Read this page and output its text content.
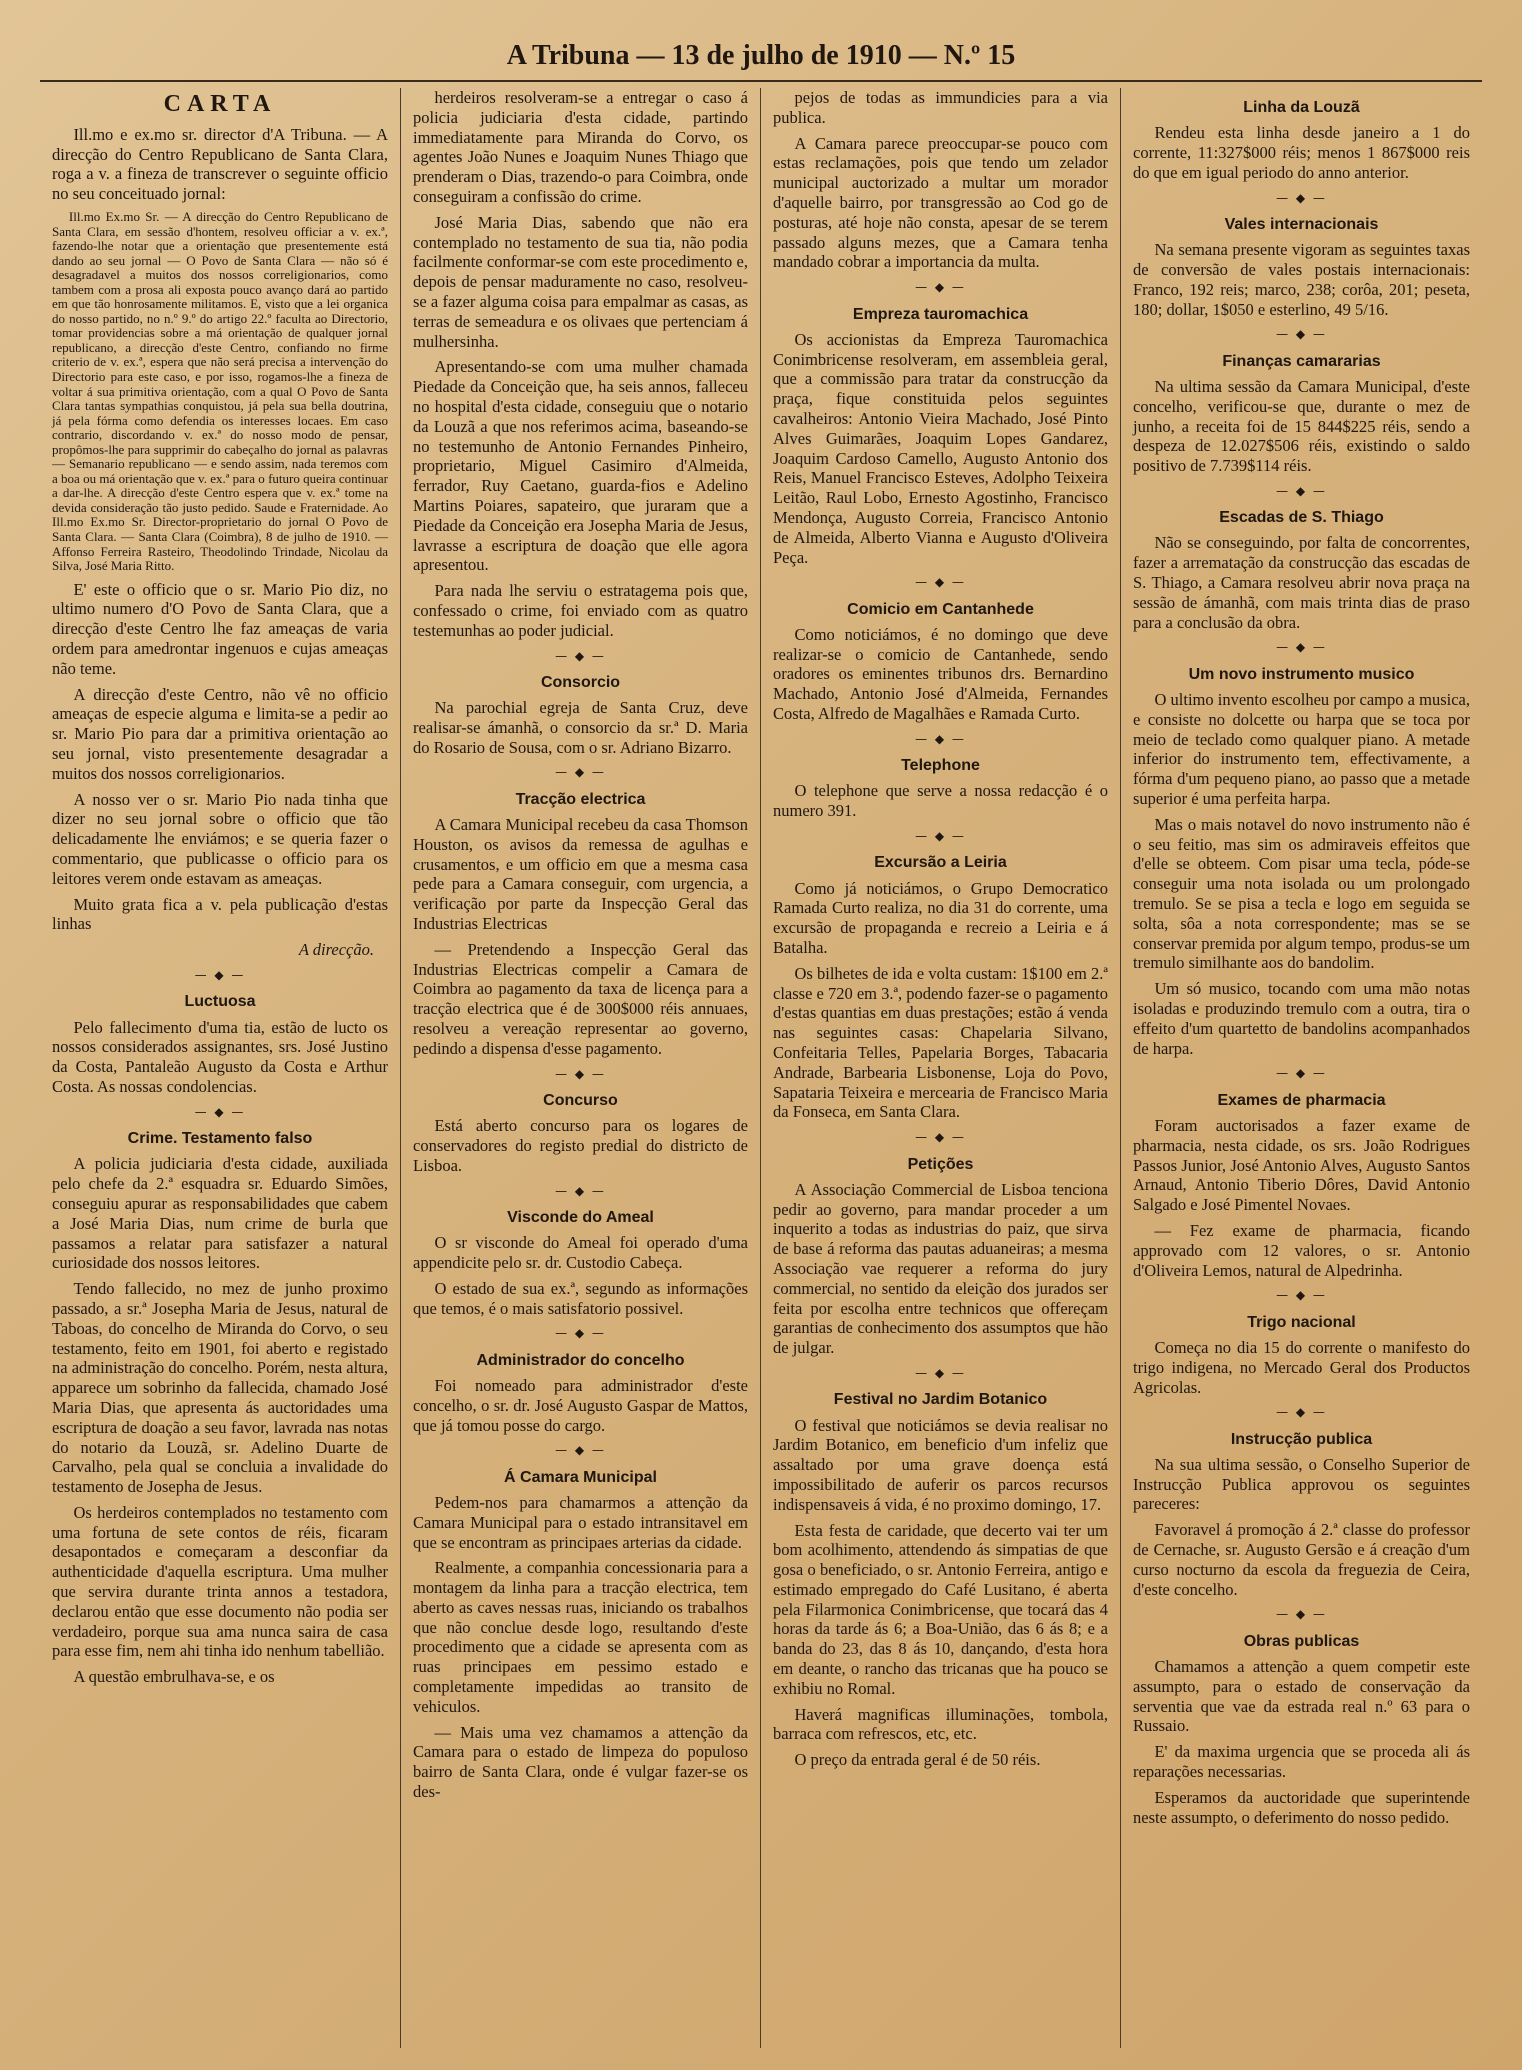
A Tribuna — 13 de julho de 1910 — N.º 15
CARTA

Ill.mo e ex.mo sr. director d'A Tribuna. — A direcção do Centro Republicano de Santa Clara, roga a v. a fineza de transcrever o seguinte officio no seu conceituado jornal:

Ill.mo Ex.mo Sr. — A direcção do Centro Republicano de Santa Clara, em sessão d'hontem, resolveu officiar a v. ex.ª, fazendo-lhe notar que a orientação que presentemente está dando ao seu jornal — O Povo de Santa Clara — não só é desagradavel a muitos dos nossos correligionarios, como tambem com a prosa ali exposta pouco avanço dará ao partido em que tão honrosamente militamos. E, visto que a lei organica do nosso partido, no n.º 9.º do artigo 22.º faculta ao Directorio, tomar providencias sobre a má orientação de qualquer jornal republicano, a direcção d'este Centro, confiando no firme criterio de v. ex.ª, espera que não será precisa a intervenção do Directorio para este caso, e por isso, rogamos-lhe a fineza de voltar á sua primitiva orientação, com a qual O Povo de Santa Clara tantas sympathias conquistou, já pela sua bella doutrina, já pela fórma como defendia os interesses locaes. Em caso contrario, discordando v. ex.ª do nosso modo de pensar, propômos-lhe para supprimir do cabeçalho do jornal as palavras — Semanario republicano — e sendo assim, nada teremos com a boa ou má orientação que v. ex.ª para o futuro queira continuar a dar-lhe. A direcção d'este Centro espera que v. ex.ª tome na devida consideração tão justo pedido. Saude e Fraternidade. Ao Ill.mo Ex.mo Sr. Director-proprietario do jornal O Povo de Santa Clara. — Santa Clara (Coimbra), 8 de julho de 1910. — Affonso Ferreira Rasteiro, Theodolindo Trindade, Nicolau da Silva, José Maria Ritto.

E' este o officio que o sr. Mario Pio diz, no ultimo numero d'O Povo de Santa Clara, que a direcção d'este Centro lhe faz ameaças de varia ordem para amedrontar ingenuos e cujas ameaças não teme.

A direcção d'este Centro, não vê no officio ameaças de especie alguma e limita-se a pedir ao sr. Mario Pio para dar a primitiva orientação ao seu jornal, visto presentemente desagradar a muitos dos nossos correligionarios.

A nosso ver o sr. Mario Pio nada tinha que dizer no seu jornal sobre o officio que tão delicadamente lhe enviámos; e se queria fazer o commentario, que publicasse o officio para os leitores verem onde estavam as ameaças.

Muito grata fica a v. pela publicação d'estas linhas

A direcção.
— ◆ —
Luctuosa

Pelo fallecimento d'uma tia, estão de lucto os nossos considerados assignantes, srs. José Justino da Costa, Pantaleão Augusto da Costa e Arthur Costa. As nossas condolencias.

— ◆ —
Crime. Testamento falso

A policia judiciaria d'esta cidade, auxiliada pelo chefe da 2.ª esquadra sr. Eduardo Simões, conseguiu apurar as responsabilidades que cabem a José Maria Dias, num crime de burla que passamos a relatar para satisfazer a natural curiosidade dos nossos leitores.

Tendo fallecido, no mez de junho proximo passado, a sr.ª Josepha Maria de Jesus, natural de Taboas, do concelho de Miranda do Corvo, o seu testamento, feito em 1901, foi aberto e registado na administração do concelho. Porém, nesta altura, apparece um sobrinho da fallecida, chamado José Maria Dias, que apresenta ás auctoridades uma escriptura de doação a seu favor, lavrada nas notas do notario da Louzã, sr. Adelino Duarte de Carvalho, pela qual se concluia a invalidade do testamento de Josepha de Jesus.

Os herdeiros contemplados no testamento com uma fortuna de sete contos de réis, ficaram desapontados e começaram a desconfiar da authenticidade d'aquella escriptura. Uma mulher que servira durante trinta annos a testadora, declarou então que esse documento não podia ser verdadeiro, porque sua ama nunca saira de casa para esse fim, nem ahi tinha ido nenhum tabellião.

A questão embrulhava-se, e os

herdeiros resolveram-se a entregar o caso á policia judiciaria d'esta cidade, partindo immediatamente para Miranda do Corvo, os agentes João Nunes e Joaquim Nunes Thiago que prenderam o Dias, trazendo-o para Coimbra, onde conseguiram a confissão do crime.

José Maria Dias, sabendo que não era contemplado no testamento de sua tia, não podia facilmente conformar-se com este procedimento e, depois de pensar maduramente no caso, resolveu-se a fazer alguma coisa para empalmar as casas, as terras de semeadura e os olivaes que pertenciam á mulhersinha.

Apresentando-se com uma mulher chamada Piedade da Conceição que, ha seis annos, falleceu no hospital d'esta cidade, conseguiu que o notario da Louzã a que nos referimos acima, baseando-se no testemunho de Antonio Fernandes Pinheiro, proprietario, Miguel Casimiro d'Almeida, ferrador, Ruy Caetano, guarda-fios e Adelino Martins Poiares, sapateiro, que juraram que a Piedade da Conceição era Josepha Maria de Jesus, lavrasse a escriptura de doação que elle agora apresentou.

Para nada lhe serviu o estratagema pois que, confessado o crime, foi enviado com as quatro testemunhas ao poder judicial.

— ◆ —
Consorcio

Na parochial egreja de Santa Cruz, deve realisar-se ámanhã, o consorcio da sr.ª D. Maria do Rosario de Sousa, com o sr. Adriano Bizarro.

— ◆ —
Tracção electrica

A Camara Municipal recebeu da casa Thomson Houston, os avisos da remessa de agulhas e crusamentos, e um officio em que a mesma casa pede para a Camara conseguir, com urgencia, a verificação por parte da Inspecção Geral das Industrias Electricas

— Pretendendo a Inspecção Geral das Industrias Electricas compelir a Camara de Coimbra ao pagamento da taxa de licença para a tracção electrica que é de 300$000 réis annuaes, resolveu a vereação representar ao governo, pedindo a dispensa d'esse pagamento.

— ◆ —
Concurso

Está aberto concurso para os logares de conservadores do registo predial do districto de Lisboa.

— ◆ —
Visconde do Ameal

O sr visconde do Ameal foi operado d'uma appendicite pelo sr. dr. Custodio Cabeça.

O estado de sua ex.ª, segundo as informações que temos, é o mais satisfatorio possivel.

— ◆ —
Administrador do concelho

Foi nomeado para administrador d'este concelho, o sr. dr. José Augusto Gaspar de Mattos, que já tomou posse do cargo.

— ◆ —
Á Camara Municipal

Pedem-nos para chamarmos a attenção da Camara Municipal para o estado intransitavel em que se encontram as principaes arterias da cidade.

Realmente, a companhia concessionaria para a montagem da linha para a tracção electrica, tem aberto as caves nessas ruas, iniciando os trabalhos que não conclue desde logo, resultando d'este procedimento que a cidade se apresenta com as ruas principaes em pessimo estado e completamente impedidas ao transito de vehiculos.

— Mais uma vez chamamos a attenção da Camara para o estado de limpeza do populoso bairro de Santa Clara, onde é vulgar fazer-se os des-

pejos de todas as immundicies para a via publica.

A Camara parece preoccupar-se pouco com estas reclamações, pois que tendo um zelador municipal auctorizado a multar um morador d'aquelle bairro, por transgressão ao Cod go de posturas, até hoje não consta, apesar de se terem passado alguns mezes, que a Camara tenha mandado cobrar a importancia da multa.

— ◆ —
Empreza tauromachica

Os accionistas da Empreza Tauromachica Conimbricense resolveram, em assembleia geral, que a commissão para tratar da construcção da praça, fique constituida pelos seguintes cavalheiros: Antonio Vieira Machado, José Pinto Alves Guimarães, Joaquim Lopes Gandarez, Joaquim Cardoso Camello, Augusto Antonio dos Reis, Manuel Francisco Esteves, Adolpho Teixeira Leitão, Raul Lobo, Ernesto Agostinho, Francisco Mendonça, Augusto Correia, Francisco Antonio de Almeida, Alberto Vianna e Augusto d'Oliveira Peça.

— ◆ —
Comicio em Cantanhede

Como noticiámos, é no domingo que deve realizar-se o comicio de Cantanhede, sendo oradores os eminentes tribunos drs. Bernardino Machado, Antonio José d'Almeida, Fernandes Costa, Alfredo de Magalhães e Ramada Curto.

— ◆ —
Telephone

O telephone que serve a nossa redacção é o numero 391.

— ◆ —
Excursão a Leiria

Como já noticiámos, o Grupo Democratico Ramada Curto realiza, no dia 31 do corrente, uma excursão de propaganda e recreio a Leiria e á Batalha.

Os bilhetes de ida e volta custam: 1$100 em 2.ª classe e 720 em 3.ª, podendo fazer-se o pagamento d'estas quantias em duas prestações; estão á venda nas seguintes casas: Chapelaria Silvano, Confeitaria Telles, Papelaria Borges, Tabacaria Andrade, Barbearia Lisbonense, Loja do Povo, Sapataria Teixeira e mercearia de Francisco Maria da Fonseca, em Santa Clara.

— ◆ —
Petições

A Associação Commercial de Lisboa tenciona pedir ao governo, para mandar proceder a um inquerito a todas as industrias do paiz, que sirva de base á reforma das pautas aduaneiras; a mesma Associação vae requerer a reforma do jury commercial, no sentido da eleição dos jurados ser feita por escolha entre technicos que offereçam garantias de conhecimento dos assumptos que hão de julgar.

— ◆ —
Festival no Jardim Botanico

O festival que noticiámos se devia realisar no Jardim Botanico, em beneficio d'um infeliz que assaltado por uma grave doença está impossibilitado de auferir os parcos recursos indispensaveis á vida, é no proximo domingo, 17.

Esta festa de caridade, que decerto vai ter um bom acolhimento, attendendo ás simpatias de que gosa o beneficiado, o sr. Antonio Ferreira, antigo e estimado empregado do Café Lusitano, é aberta pela Filarmonica Conimbricense, que tocará das 4 horas da tarde ás 6; a Boa-União, das 6 ás 8; e a banda do 23, das 8 ás 10, dançando, d'esta hora em deante, o rancho das tricanas que ha pouco se exhibiu no Romal.

Haverá magnificas illuminações, tombola, barraca com refrescos, etc, etc.

O preço da entrada geral é de 50 réis.

Linha da Louzã

Rendeu esta linha desde janeiro a 1 do corrente, 11:327$000 réis; menos 1 867$000 reis do que em igual periodo do anno anterior.

— ◆ —
Vales internacionais

Na semana presente vigoram as seguintes taxas de conversão de vales postais internacionais: Franco, 192 reis; marco, 238; corôa, 201; peseta, 180; dollar, 1$050 e esterlino, 49 5/16.

— ◆ —
Finanças camararias

Na ultima sessão da Camara Municipal, d'este concelho, verificou-se que, durante o mez de junho, a receita foi de 15 844$225 réis, sendo a despeza de 12.027$506 réis, existindo o saldo positivo de 7.739$114 réis.

— ◆ —
Escadas de S. Thiago

Não se conseguindo, por falta de concorrentes, fazer a arrematação da construcção das escadas de S. Thiago, a Camara resolveu abrir nova praça na sessão de ámanhã, com mais trinta dias de praso para a conclusão da obra.

— ◆ —
Um novo instrumento musico

O ultimo invento escolheu por campo a musica, e consiste no dolcette ou harpa que se toca por meio de teclado como qualquer piano. A metade inferior do instrumento tem, effectivamente, a fórma d'um pequeno piano, ao passo que a metade superior é uma perfeita harpa.

Mas o mais notavel do novo instrumento não é o seu feitio, mas sim os admiraveis effeitos que d'elle se obteem. Com pisar uma tecla, póde-se conseguir uma nota isolada ou um prolongado tremulo. Se se pisa a tecla e logo em seguida se solta, sôa a nota correspondente; mas se se conservar premida por algum tempo, produs-se um tremulo similhante aos do bandolim.

Um só musico, tocando com uma mão notas isoladas e produzindo tremulo com a outra, tira o effeito d'um quartetto de bandolins acompanhados de harpa.

— ◆ —
Exames de pharmacia

Foram auctorisados a fazer exame de pharmacia, nesta cidade, os srs. João Rodrigues Passos Junior, José Antonio Alves, Augusto Santos Arnaud, Antonio Tiberio Dôres, David Antonio Salgado e José Pimentel Novaes.

— Fez exame de pharmacia, ficando approvado com 12 valores, o sr. Antonio d'Oliveira Lemos, natural de Alpedrinha.

— ◆ —
Trigo nacional

Começa no dia 15 do corrente o manifesto do trigo indigena, no Mercado Geral dos Productos Agricolas.

— ◆ —
Instrucção publica

Na sua ultima sessão, o Conselho Superior de Instrucção Publica approvou os seguintes pareceres:

Favoravel á promoção á 2.ª classe do professor de Cernache, sr. Augusto Gersão e á creação d'um curso nocturno da escola da freguezia de Ceira, d'este concelho.

— ◆ —
Obras publicas

Chamamos a attenção a quem competir este assumpto, para o estado de conservação da serventia que vae da estrada real n.º 63 para o Russaio.

E' da maxima urgencia que se proceda ali ás reparações necessarias.

Esperamos da auctoridade que superintende neste assumpto, o deferimento do nosso pedido.
